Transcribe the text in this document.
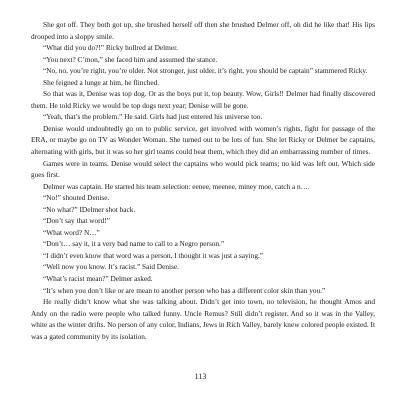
She got off. They both got up, she brushed herself off then she brushed Delmer off, oh did he like that! His lips drooped into a sloppy smile.

“What did you do?!” Ricky hollred at Delmer.

“You next? C’mon,” she faced him and assumed the stance.

“No, no, you’re right, you’re older. Not stronger, just older, it’s right, you should be captain” stammered Ricky.

She feigned a lunge at him, he flinched.

So that was it, Denise was top dog. Or as the boys put it, top beauty. Wow, Girls!! Delmer had finally discovered them. He told Ricky we would be top dogs next year; Denise will be gone.

“Yeah, that’s the problem.” He said. Girls had just entered his universe too.

Denise would undoubtedly go on to public service, get involved with women’s rights, fight for passage of the ERA, or maybe go on TV as Wonder Woman. She turned out to be lots of fun. She let Ricky or Delmer be captains, alternating with girls, but it was so her girl teams could beat them, which they did an embarrassing number of times.

Games were in teams. Denise would select the captains who would pick teams; no kid was left out. Which side goes first.

Delmer was captain. He started his team selection: eenee, meenee, miney moe, catch a n….

“No!” shouted Denise.

“No what?” IDelmer shot back.

“Don’t say that word!”

“What word? N…”

“Don’t… say it, it a very bad name to call to a Negro person.”

“I didn’t even know that word was a person, I thought it was just a saying.”

“Well now you know. It’s racist.” Said Denise.

“What’s racist mean?” Delmer asked.

“It’s when you don’t like or are mean to another person who has a different color skin than you.”

He really didn’t know what she was talking about. Didn’t get into town, no television, he thought Amos and Andy on the radio were people who talked funny. Uncle Remus? Still didn’t register. And so it was in the Valley, white as the winter drifts. No person of any color, Indians, Jews in Rich Valley, barely knew colored people existed. It was a gated community by its isolation.

113
